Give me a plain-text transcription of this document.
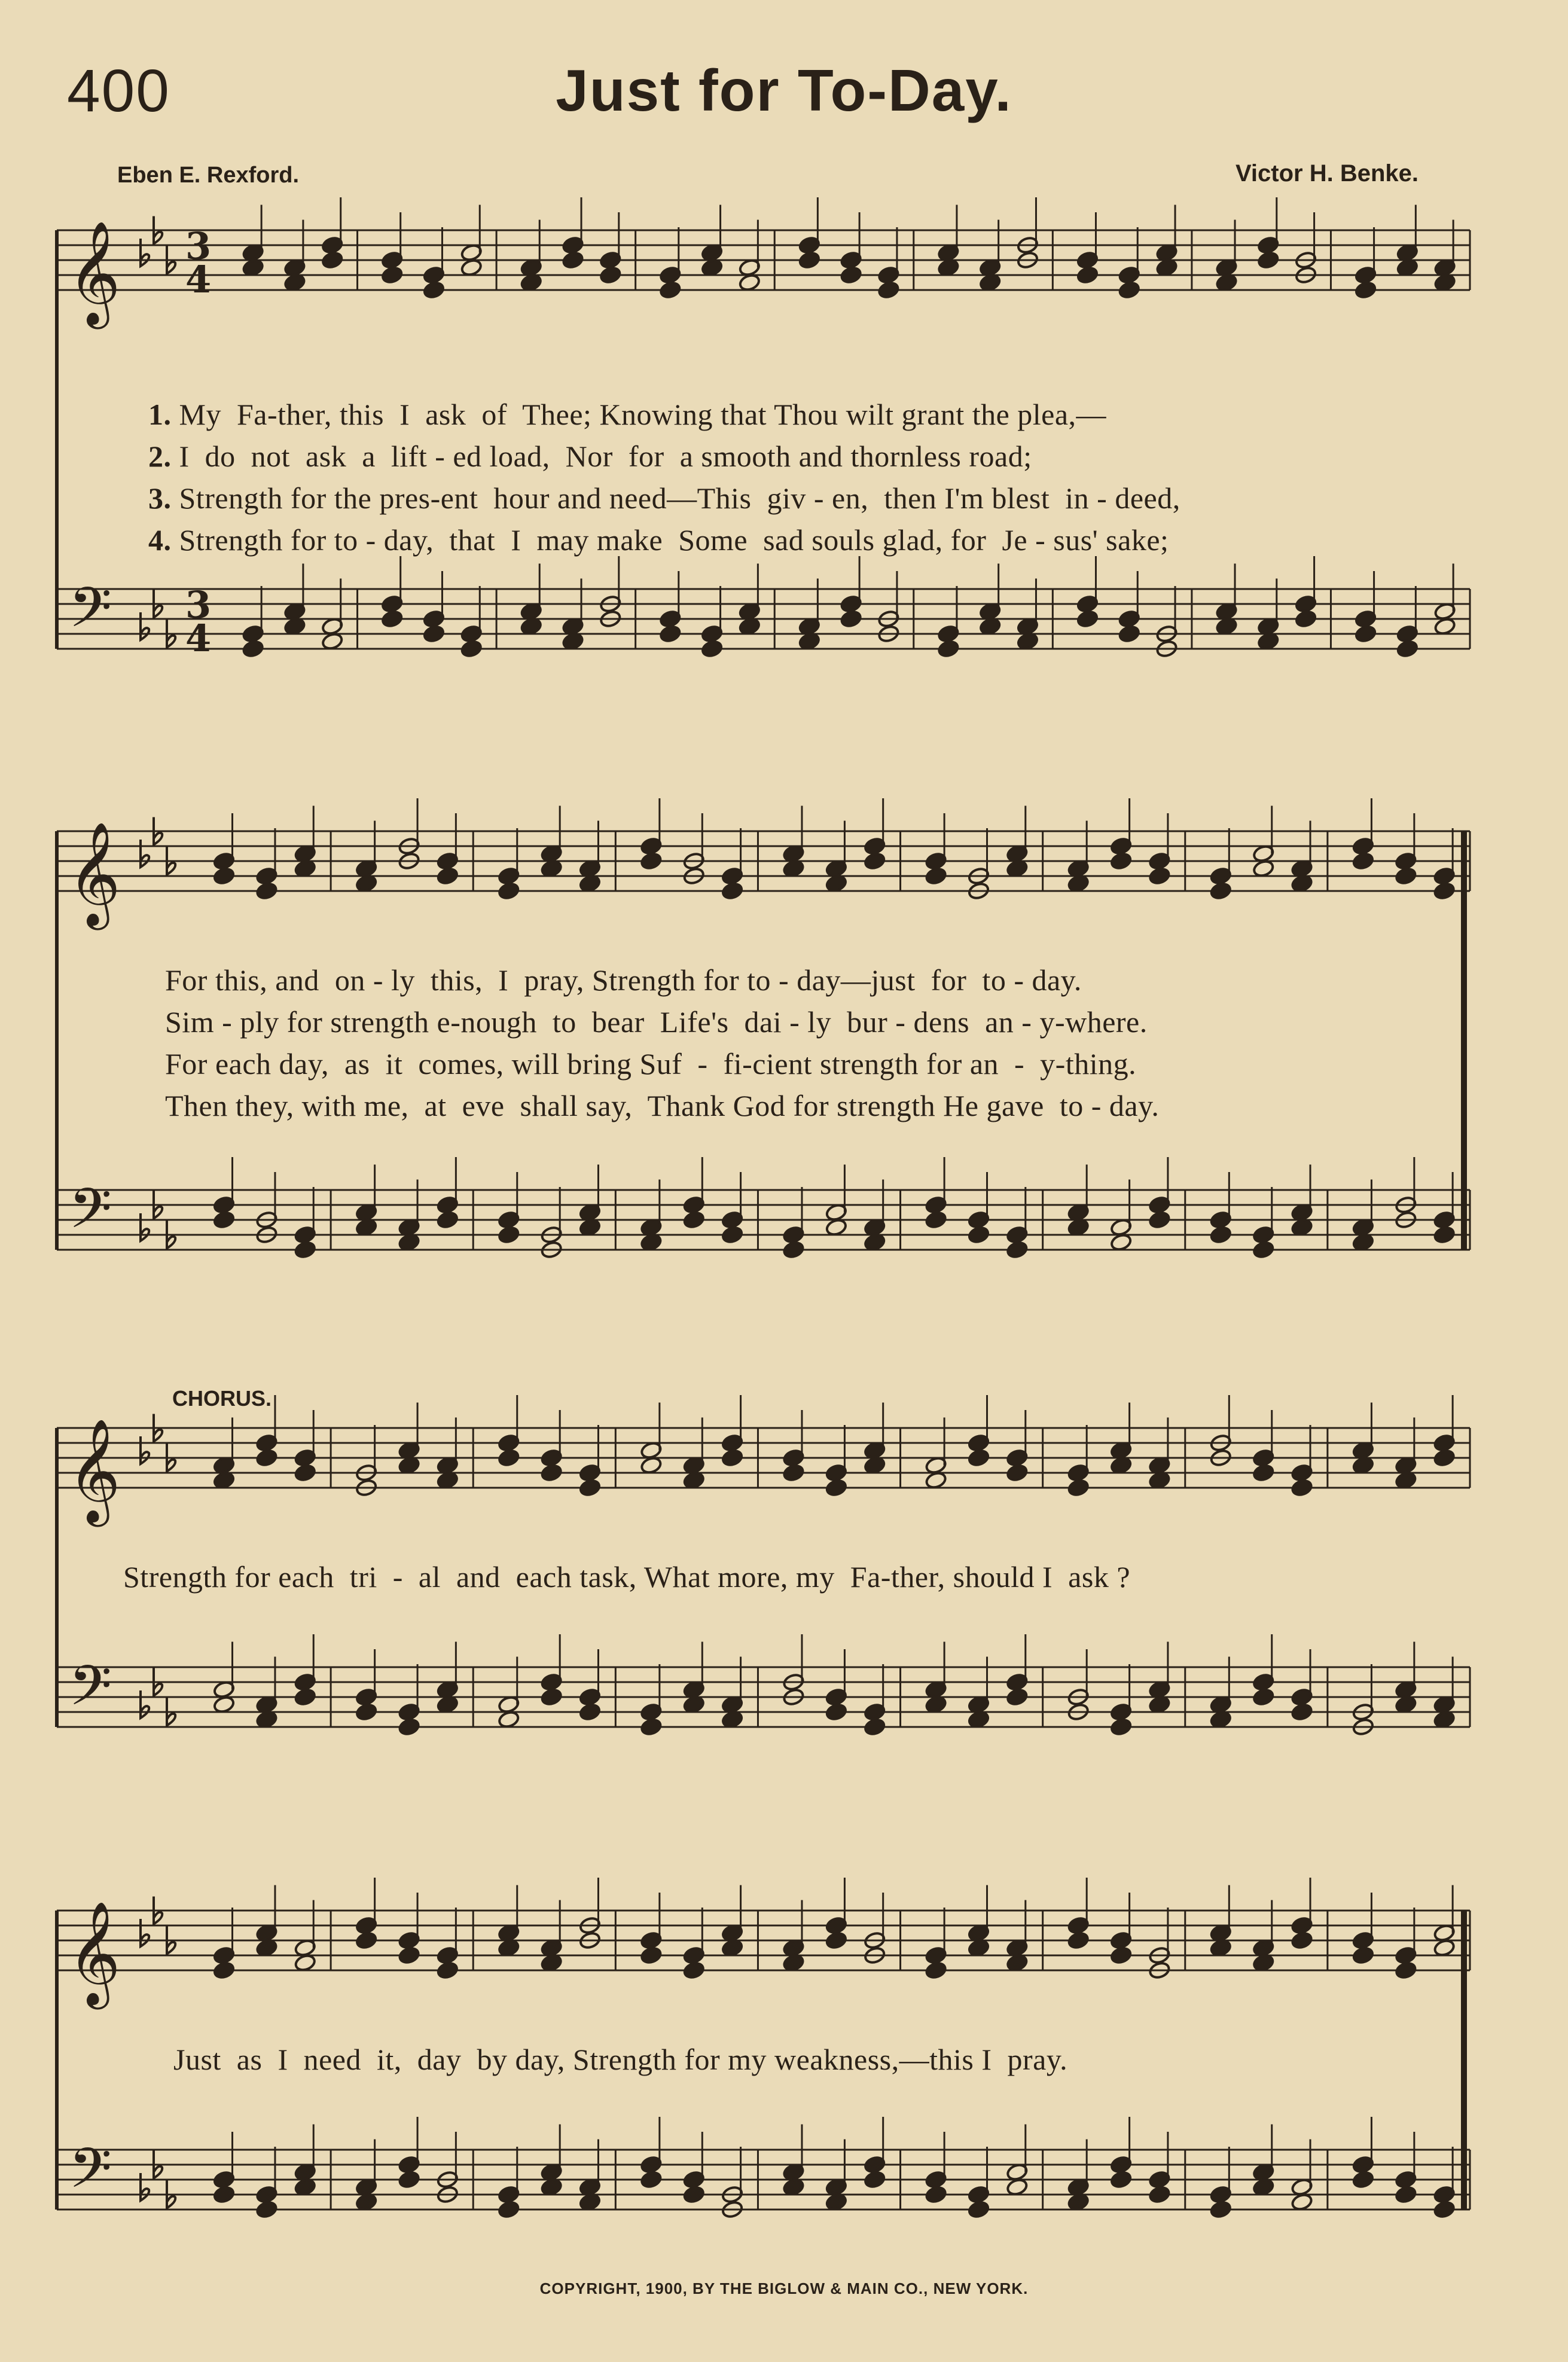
400	Just for To-Day.
Eben E. Rexford.	Victor H. Benke.
𝄞
𝄢
3
4
3
4
𝄞
𝄢
𝄞
𝄢
𝄞
𝄢

1. My  Fa-ther, this  I  ask  of  Thee; Knowing that Thou wilt grant the plea,—

2. I  do  not  ask  a  lift - ed load,  Nor  for  a smooth and thornless road;

3. Strength for the pres-ent  hour and need—This  giv - en,  then I'm blest  in - deed,

4. Strength for to - day,  that  I  may make  Some  sad souls glad, for  Je - sus' sake;

For this, and  on - ly  this,  I  pray, Strength for to - day—just  for  to - day.
Sim - ply for strength e-nough  to  bear  Life's  dai - ly  bur - dens  an - y-where.
For each day,  as  it  comes, will bring Suf  -  fi-cient strength for an  -  y-thing.
Then they, with me,  at  eve  shall say,  Thank God for strength He gave  to - day.
CHORUS.
Strength for each  tri  -  al  and  each task, What more, my  Fa-ther, should I  ask ?
Just  as  I  need  it,  day  by day, Strength for my weakness,—this I  pray.
COPYRIGHT, 1900, BY THE BIGLOW & MAIN CO., NEW YORK.
